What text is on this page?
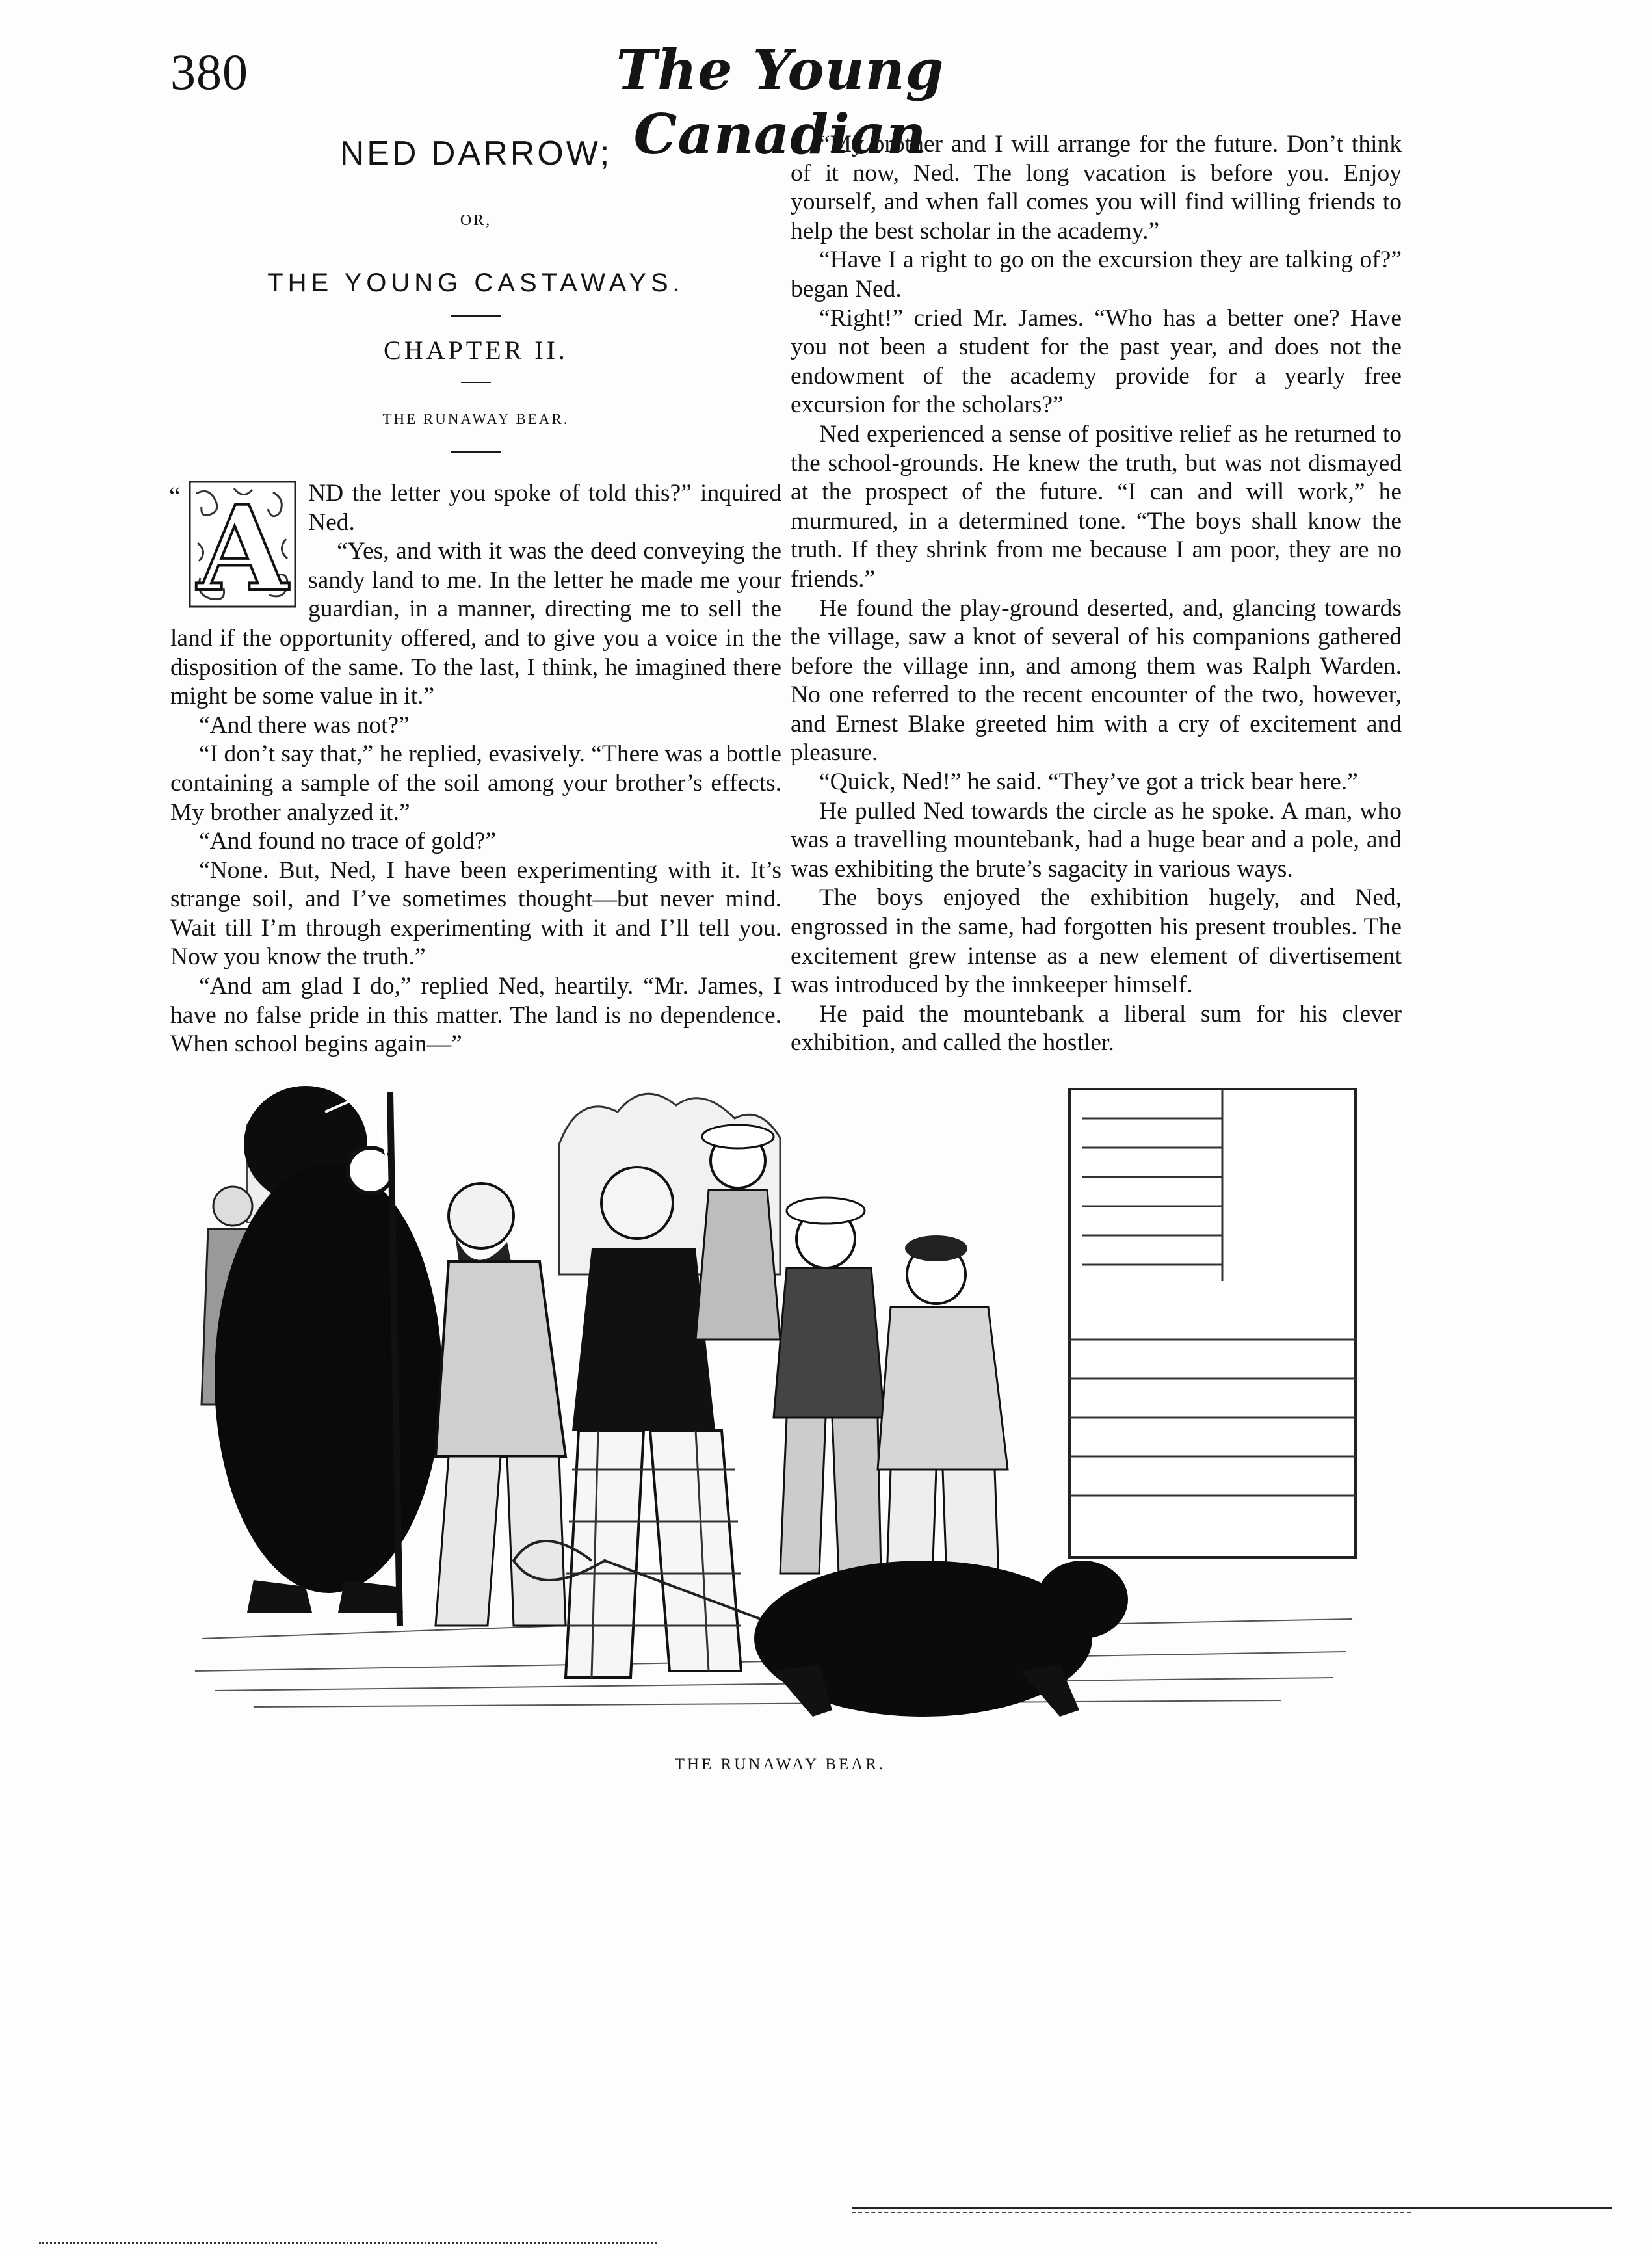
380	The Young Canadian
NED DARROW;
OR,
THE YOUNG CASTAWAYS.
CHAPTER II.
THE RUNAWAY BEAR.
“ A ND the letter you spoke of told this?” inquired Ned.

“Yes, and with it was the deed conveying the sandy land to me. In the letter he made me your guardian, in a manner, directing me to sell the land if the opportunity offered, and to give you a voice in the disposition of the same. To the last, I think, he imagined there might be some value in it.”

“And there was not?”

“I don’t say that,” he replied, evasively. “There was a bottle containing a sample of the soil among your brother’s effects. My brother analyzed it.”

“And found no trace of gold?”

“None. But, Ned, I have been experimenting with it. It’s strange soil, and I’ve sometimes thought—but never mind. Wait till I’m through experimenting with it and I’ll tell you. Now you know the truth.”

“And am glad I do,” replied Ned, heartily. “Mr. James, I have no false pride in this matter. The land is no dependence. When school begins again—”

“My brother and I will arrange for the future. Don’t think of it now, Ned. The long vacation is before you. Enjoy yourself, and when fall comes you will find willing friends to help the best scholar in the academy.”

“Have I a right to go on the excursion they are talking of?” began Ned.

“Right!” cried Mr. James. “Who has a better one? Have you not been a student for the past year, and does not the endowment of the academy provide for a yearly free excursion for the scholars?”

Ned experienced a sense of positive relief as he returned to the school-grounds. He knew the truth, but was not dismayed at the prospect of the future. “I can and will work,” he murmured, in a determined tone. “The boys shall know the truth. If they shrink from me because I am poor, they are no friends.”

He found the play-ground deserted, and, glancing towards the village, saw a knot of several of his companions gathered before the village inn, and among them was Ralph Warden. No one referred to the recent encounter of the two, however, and Ernest Blake greeted him with a cry of excitement and pleasure.

“Quick, Ned!” he said. “They’ve got a trick bear here.”

He pulled Ned towards the circle as he spoke. A man, who was a travelling mountebank, had a huge bear and a pole, and was exhibiting the brute’s sagacity in various ways.

The boys enjoyed the exhibition hugely, and Ned, engrossed in the same, had forgotten his present troubles. The excitement grew intense as a new element of divertisement was introduced by the innkeeper himself.

He paid the mountebank a liberal sum for his clever exhibition, and called the hostler.

THE RUNAWAY BEAR.
